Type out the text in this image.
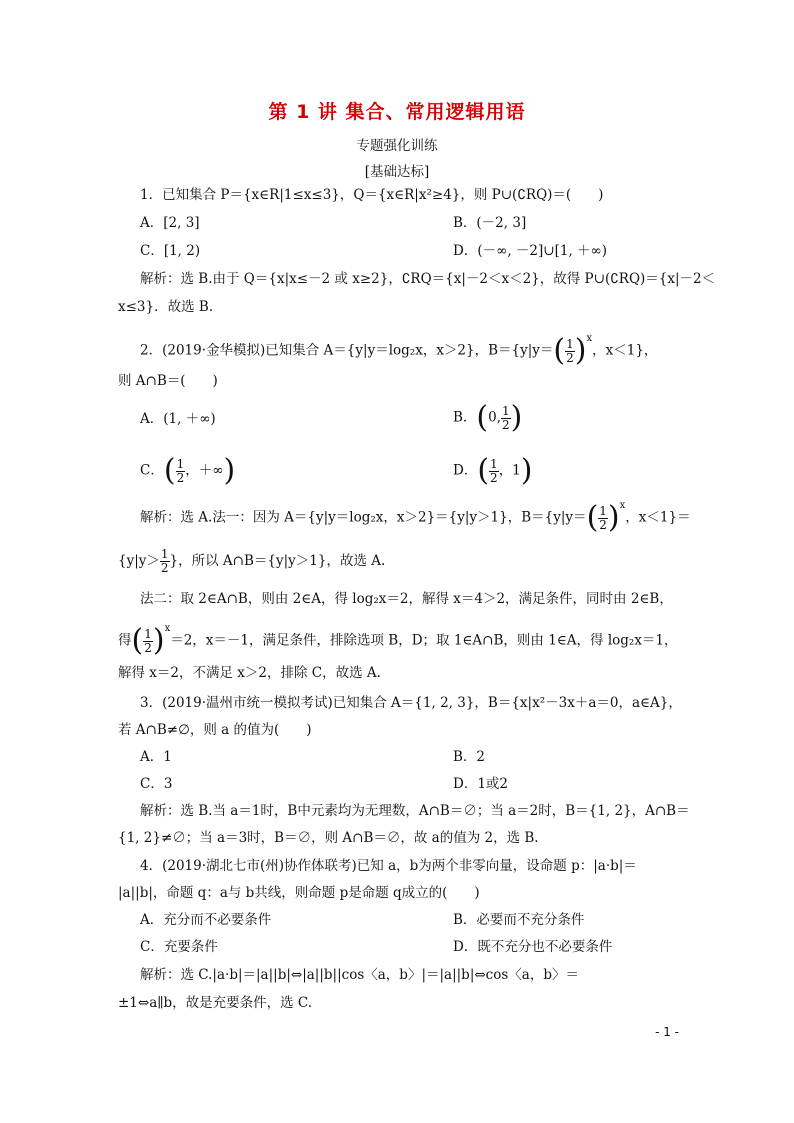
第 1 讲 集合、常用逻辑用语
专题强化训练
[基础达标]
1．已知集合 P＝{x∈R|1≤x≤3}，Q＝{x∈R|x²≥4}，则 P∪(∁RQ)＝(　　)
A．[2, 3]	B．(－2, 3]
C．[1, 2)	D．(－∞, －2]∪[1, ＋∞)
解析：选 B.由于 Q＝{x|x≤－2 或 x≥2}，∁RQ＝{x|－2＜x＜2}，故得 P∪(∁RQ)＝{x|－2＜
x≤3}．故选 B.
2．(2019·金华模拟)已知集合 A＝{y|y＝log₂x，x＞2}，$B=\{y|y=( \frac{1}{2} )^x$，x＜1}，
则 A∩B＝(　　)
A．(1, ＋∞)	B．(0, $\frac{1}{2}$ )
C．( $\frac{1}{2}$ ，＋∞)	D．( $\frac{1}{2}$ ，1)
解析：选 A.法一：因为 A＝{y|y＝log₂x，x＞2}＝{y|y＞1}，$B=\{y|y=( \frac{1}{2} )^x$，x＜1}＝
{$y|y> \frac{1}{2}$ }，所以 A∩B＝{y|y＞1}，故选 A.
法二：取 2∈A∩B，则由 2∈A，得 log₂x＝2，解得 x＝4＞2，满足条件，同时由 2∈B，
得( $\frac{1}{2} )^x=2$，x＝－1，满足条件，排除选项 B，D；取 1∈A∩B，则由 1∈A，得 log₂x＝1，
解得 x＝2，不满足 x＞2，排除 C，故选 A.
3．(2019·温州市统一模拟考试)已知集合 A＝{1, 2, 3}，B＝{x|x²－3x＋a＝0，a∈A}，
若 A∩B≠∅，则 a 的值为(　　)
A．1	B．2
C．3	D．1或2
解析：选 B.当 a＝1时，B中元素均为无理数，A∩B＝∅；当 a＝2时，B＝{1, 2}，A∩B＝
{1, 2}≠∅；当 a＝3时，B＝∅，则 A∩B＝∅，故 a的值为 2，选 B.
4．(2019·湖北七市(州)协作体联考)已知 a，b为两个非零向量，设命题 p：|a·b|＝
|a||b|，命题 q：a与 b共线，则命题 p是命题 q成立的(　　)
A．充分而不必要条件	B．必要而不充分条件
C．充要条件	D．既不充分也不必要条件
解析：选 C.|a·b|＝|a||b|⇔|a||b||cos〈a，b〉|＝|a||b|⇔cos〈a，b〉＝
±1⇔a∥b，故是充要条件，选 C.
- 1 -
